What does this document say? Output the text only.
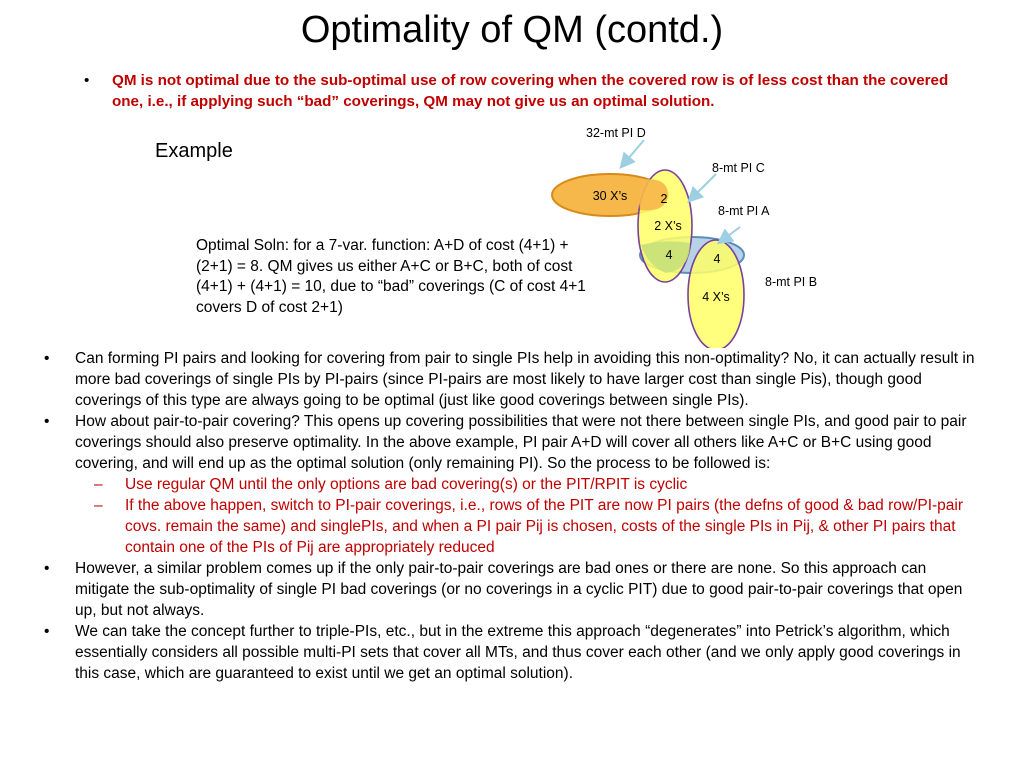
Optimality of QM (contd.)
• QM is not optimal due to the sub-optimal use of row covering when the covered row is of less cost than the covered one, i.e., if applying such “bad” coverings, QM may not give us an optimal solution.
Example
Optimal Soln: for a 7-var. function: A+D of cost (4+1) + (2+1) = 8. QM gives us either A+C or B+C, both of cost (4+1) + (4+1) = 10, due to “bad” coverings (C of cost 4+1 covers D of cost 2+1)
30 X’s	2
2 X’s
4	4
4 X’s
32-mt PI D
8-mt PI C
8-mt PI A
8-mt PI B
• Can forming PI pairs and looking for covering from pair to single PIs help in avoiding this non-optimality? No, it can actually result in more bad coverings of single PIs by PI-pairs (since PI-pairs are most likely to have larger cost than single Pis), though good coverings of this type are always going to be optimal (just like good coverings between single PIs).
• How about pair-to-pair covering? This opens up covering possibilities that were not there between single PIs, and good pair to pair coverings should also preserve optimality. In the above example, PI pair A+D will cover all others like A+C or B+C using good covering, and will end up as the optimal solution (only remaining PI). So the process to be followed is:
– Use regular QM until the only options are bad covering(s) or the PIT/RPIT is cyclic
– If the above happen, switch to PI-pair coverings, i.e., rows of the PIT are now PI pairs (the defns of good & bad row/PI-pair covs. remain the same) and singlePIs, and when a PI pair Pij is chosen, costs of the single PIs in Pij, & other PI pairs that contain one of the PIs of Pij are appropriately reduced
• However, a similar problem comes up if the only pair-to-pair coverings are bad ones or there are none. So this approach can mitigate the sub-optimality of single PI bad coverings (or no coverings in a cyclic PIT) due to good pair-to-pair coverings that open up, but not always.
• We can take the concept further to triple-PIs, etc., but in the extreme this approach “degenerates” into Petrick’s algorithm, which essentially considers all possible multi-PI sets that cover all MTs, and thus cover each other (and we only apply good coverings in this case, which are guaranteed to exist until we get an optimal solution).
